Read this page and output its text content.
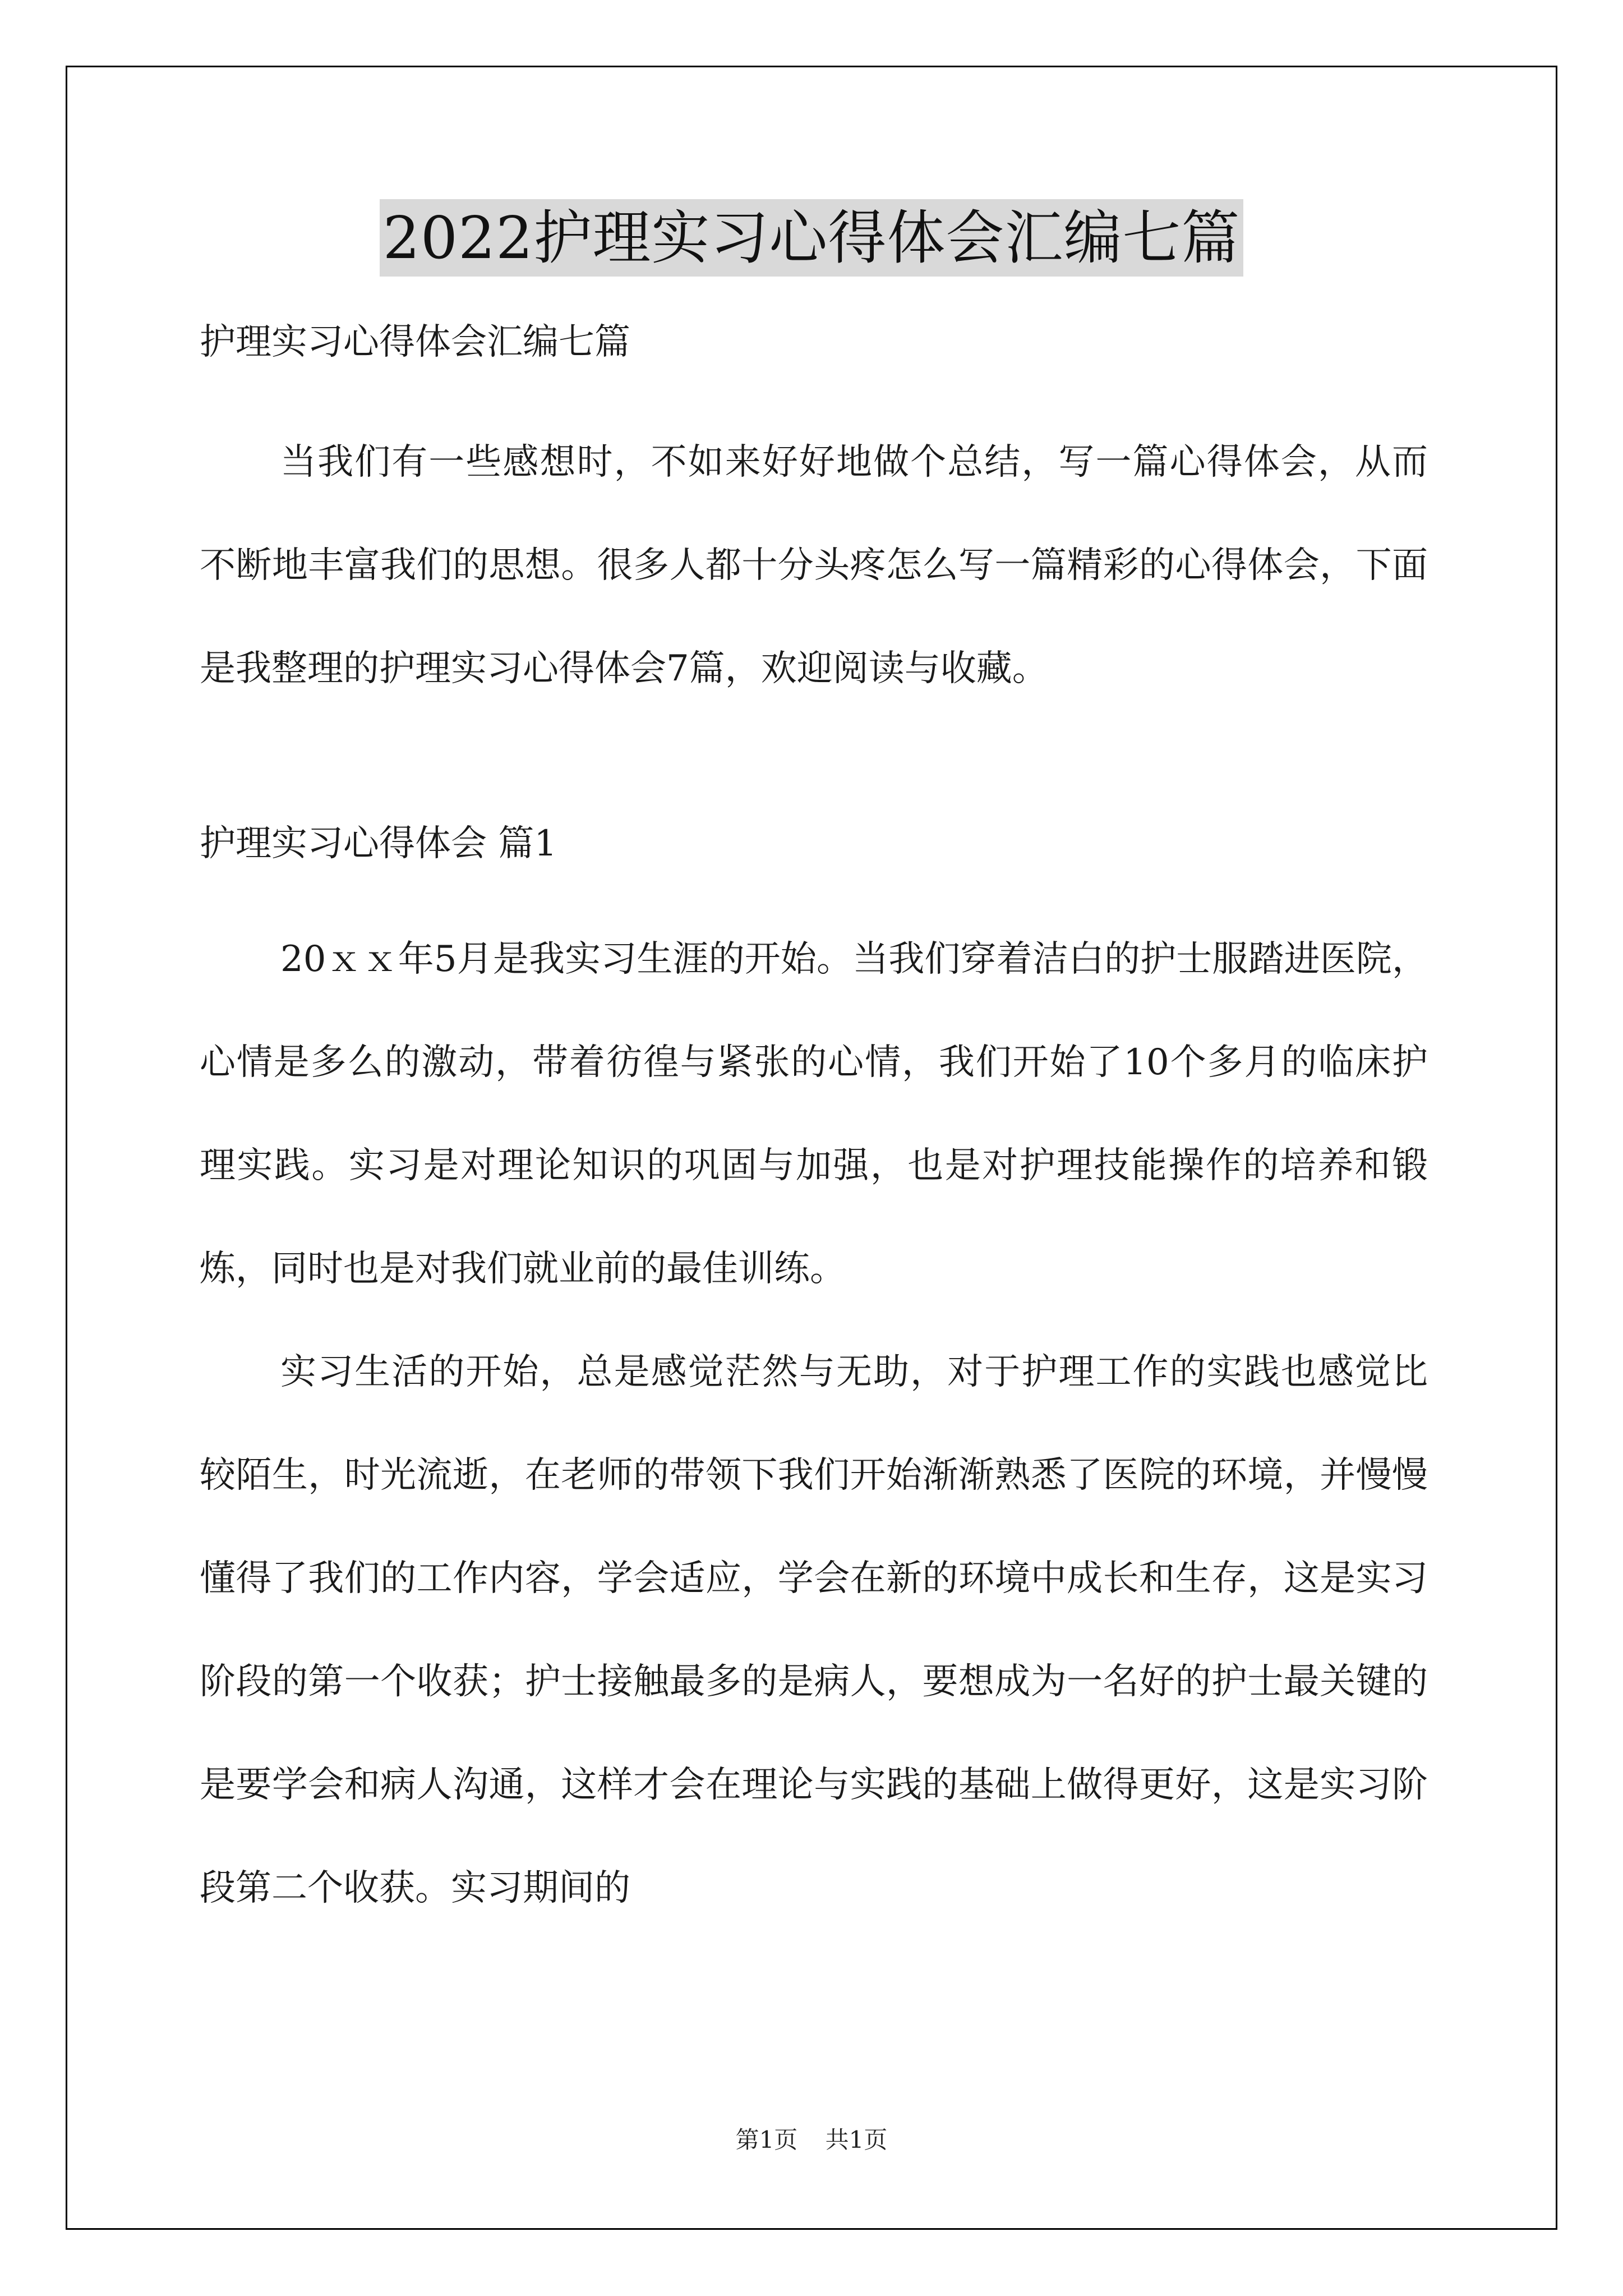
2022护理实习心得体会汇编七篇

护理实习心得体会汇编七篇

当我们有一些感想时，不如来好好地做个总结，写一篇心得体会，从而不断地丰富我们的思想。很多人都十分头疼怎么写一篇精彩的心得体会，下面是我整理的护理实习心得体会7篇，欢迎阅读与收藏。

护理实习心得体会 篇1

20ｘｘ年5月是我实习生涯的开始。当我们穿着洁白的护士服踏进医院，心情是多么的激动，带着彷徨与紧张的心情，我们开始了10个多月的临床护理实践。实习是对理论知识的巩固与加强，也是对护理技能操作的培养和锻炼，同时也是对我们就业前的最佳训练。

实习生活的开始，总是感觉茫然与无助，对于护理工作的实践也感觉比较陌生，时光流逝，在老师的带领下我们开始渐渐熟悉了医院的环境，并慢慢懂得了我们的工作内容，学会适应，学会在新的环境中成长和生存，这是实习阶段的第一个收获；护士接触最多的是病人，要想成为一名好的护士最关键的是要学会和病人沟通，这样才会在理论与实践的基础上做得更好，这是实习阶段第二个收获。实习期间的

第1页 共1页
